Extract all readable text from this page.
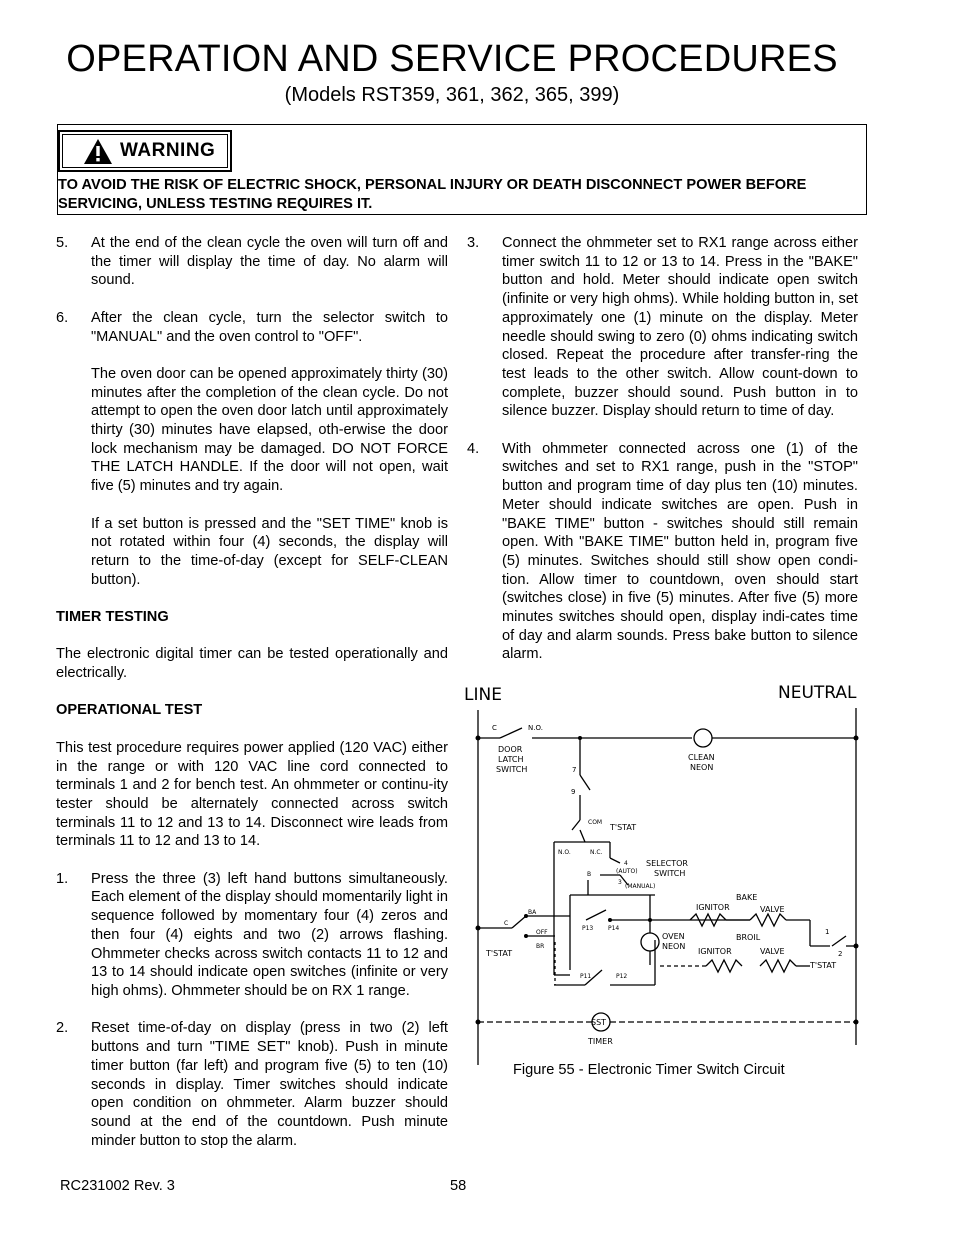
OPERATION AND SERVICE PROCEDURES
(Models RST359, 361, 362, 365, 399)
WARNING
TO AVOID THE RISK OF ELECTRIC SHOCK, PERSONAL INJURY OR DEATH DISCONNECT POWER BEFORE SERVICING, UNLESS TESTING REQUIRES IT.
5. At the end of the clean cycle the oven will turn off and the timer will display the time of day. No alarm will sound.

6. After the clean cycle, turn the selector switch to "MANUAL" and the oven control to "OFF".

The oven door can be opened approximately thirty (30) minutes after the completion of the clean cycle. Do not attempt to open the oven door latch until approximately thirty (30) minutes have elapsed, oth-erwise the door lock mechanism may be damaged. DO NOT FORCE THE LATCH HANDLE. If the door will not open, wait five (5) minutes and try again.

If a set button is pressed and the "SET TIME" knob is not rotated within four (4) seconds, the display will return to the time-of-day (except for SELF-CLEAN button).

TIMER TESTING

The electronic digital timer can be tested operationally and electrically.

OPERATIONAL TEST

This test procedure requires power applied (120 VAC) either in the range or with 120 VAC line cord connected to terminals 1 and 2 for bench test. An ohmmeter or continu-ity tester should be alternately connected across switch terminals 11 to 12 and 13 to 14. Disconnect wire leads from terminals 11 to 12 and 13 to 14.

1. Press the three (3) left hand buttons simultaneously. Each element of the display should momentarily light in sequence followed by momentary four (4) zeros and then four (4) eights and two (2) arrows flashing. Ohmmeter checks across switch contacts 11 to 12 and 13 to 14 should indicate open switches (infinite or very high ohms). Ohmmeter should be on RX 1 range.

2. Reset time-of-day on display (press in two (2) left buttons and turn "TIME SET" knob). Push in minute timer button (far left) and program five (5) to ten (10) seconds in display. Timer switches should indicate open condition on ohmmeter. Alarm buzzer should sound at the end of the countdown. Push minute minder button to stop the alarm.

3. Connect the ohmmeter set to RX1 range across either timer switch 11 to 12 or 13 to 14. Press in the "BAKE" button and hold. Meter should indicate open switch (infinite or very high ohms). While holding button in, set approximately one (1) minute on the display. Meter needle should swing to zero (0) ohms indicating switch closed. Repeat the procedure after transfer-ring the test leads to the other switch. Allow count-down to complete, buzzer should sound. Push button in to silence buzzer. Display should return to time of day.

4. With ohmmeter connected across one (1) of the switches and set to RX1 range, push in the "STOP" button and program time of day plus ten (10) minutes. Meter should indicate switches are open. Push in "BAKE TIME" button - switches should still remain open. With "BAKE TIME" button held in, program five (5) minutes. Switches should still show open condi-tion. Allow timer to countdown, oven should start (switches close) in five (5) minutes. After five (5) more minutes switches should open, display indi-cates time of day and alarm sounds. Press bake button to silence alarm.

LINE	NEUTRAL
C	N.O.
DOOR
LATCH
SWITCH
CLEAN
NEON
7
9
COM
T'STAT
N.O.	N.C.
4
(AUTO)
SELECTOR
SWITCH
B
3
(MANUAL)
BA
C
OFF
BR
T'STAT
P13 P14
OVEN
NEON
BAKE
IGNITOR	VALVE
BROIL
IGNITOR	VALVE
1
2
T'STAT
P11	P12
SST
TIMER
Figure 55 - Electronic Timer Switch Circuit
RC231002 Rev. 3	58
